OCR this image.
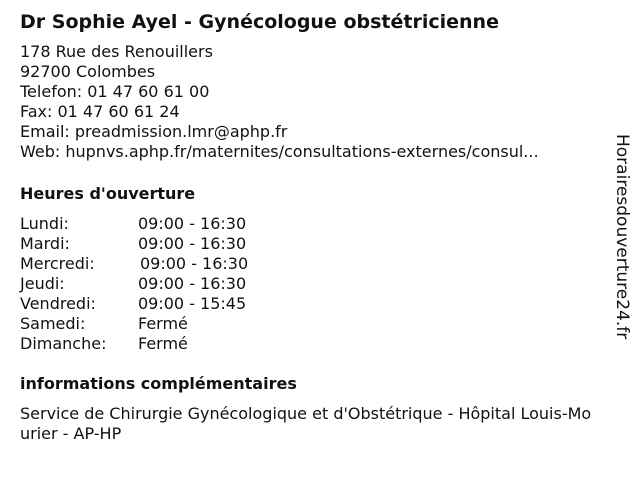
Dr Sophie Ayel - Gynécologue obstétricienne
178 Rue des Renouillers
92700 Colombes
Telefon: 01 47 60 61 00
Fax: 01 47 60 61 24
Email: preadmission.lmr@aphp.fr
Web: hupnvs.aphp.fr/maternites/consultations-externes/consul...
Heures d'ouverture
Lundi:	09:00 - 16:30
Mardi:	09:00 - 16:30
Mercredi:	09:00 - 16:30
Jeudi:	09:00 - 16:30
Vendredi:	09:00 - 15:45
Samedi:	Fermé
Dimanche:	Fermé
informations complémentaires
Service de Chirurgie Gynécologique et d'Obstétrique - Hôpital Louis-Mourier - AP-HP
Horairesdouverture24.fr
